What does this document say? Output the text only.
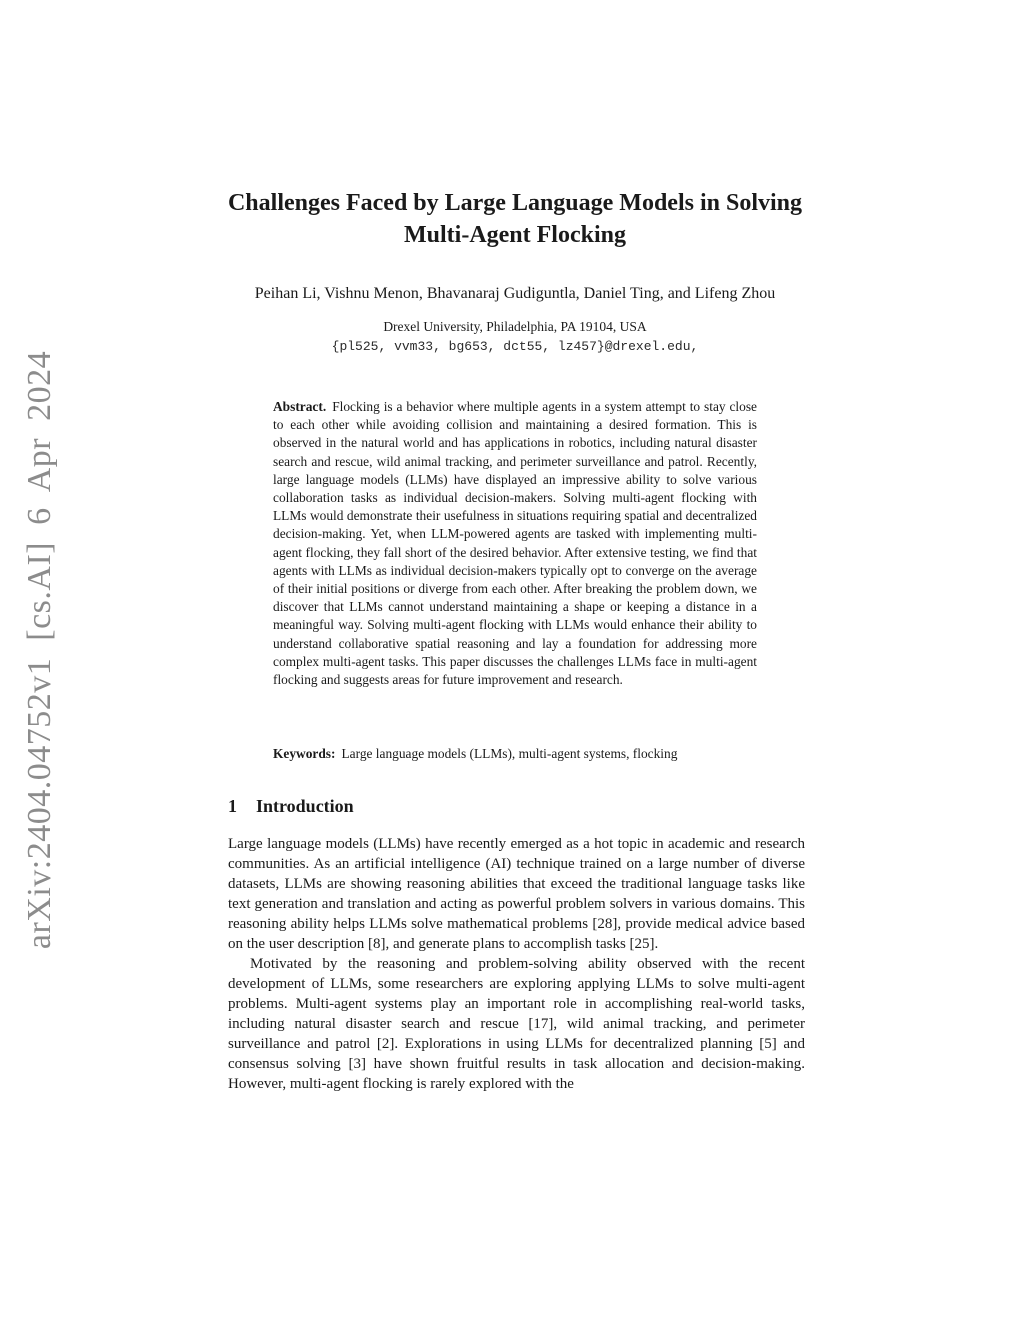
arXiv:2404.04752v1 [cs.AI] 6 Apr 2024
Challenges Faced by Large Language Models in Solving
Multi-Agent Flocking
Peihan Li, Vishnu Menon, Bhavanaraj Gudiguntla, Daniel Ting, and Lifeng Zhou
Drexel University, Philadelphia, PA 19104, USA
{pl525, vvm33, bg653, dct55, lz457}@drexel.edu,
Abstract. Flocking is a behavior where multiple agents in a system attempt to stay close to each other while avoiding collision and maintaining a desired formation. This is observed in the natural world and has applications in robotics, including natural disaster search and rescue, wild animal tracking, and perimeter surveillance and patrol. Recently, large language models (LLMs) have displayed an impressive ability to solve various collaboration tasks as individual decision-makers. Solving multi-agent flocking with LLMs would demonstrate their usefulness in situations requiring spatial and decentralized decision-making. Yet, when LLM-powered agents are tasked with implementing multi-agent flocking, they fall short of the desired behavior. After extensive testing, we find that agents with LLMs as individual decision-makers typically opt to converge on the average of their initial positions or diverge from each other. After breaking the problem down, we discover that LLMs cannot understand maintaining a shape or keeping a distance in a meaningful way. Solving multi-agent flocking with LLMs would enhance their ability to understand collaborative spatial reasoning and lay a foundation for addressing more complex multi-agent tasks. This paper discusses the challenges LLMs face in multi-agent flocking and suggests areas for future improvement and research.
Keywords: Large language models (LLMs), multi-agent systems, flocking
1 Introduction

Large language models (LLMs) have recently emerged as a hot topic in academic and research communities. As an artificial intelligence (AI) technique trained on a large number of diverse datasets, LLMs are showing reasoning abilities that exceed the traditional language tasks like text generation and translation and acting as powerful problem solvers in various domains. This reasoning ability helps LLMs solve mathematical problems [28], provide medical advice based on the user description [8], and generate plans to accomplish tasks [25].

Motivated by the reasoning and problem-solving ability observed with the recent development of LLMs, some researchers are exploring applying LLMs to solve multi-agent problems. Multi-agent systems play an important role in accomplishing real-world tasks, including natural disaster search and rescue [17], wild animal tracking, and perimeter surveillance and patrol [2]. Explorations in using LLMs for decentralized planning [5] and consensus solving [3] have shown fruitful results in task allocation and decision-making. However, multi-agent flocking is rarely explored with the
